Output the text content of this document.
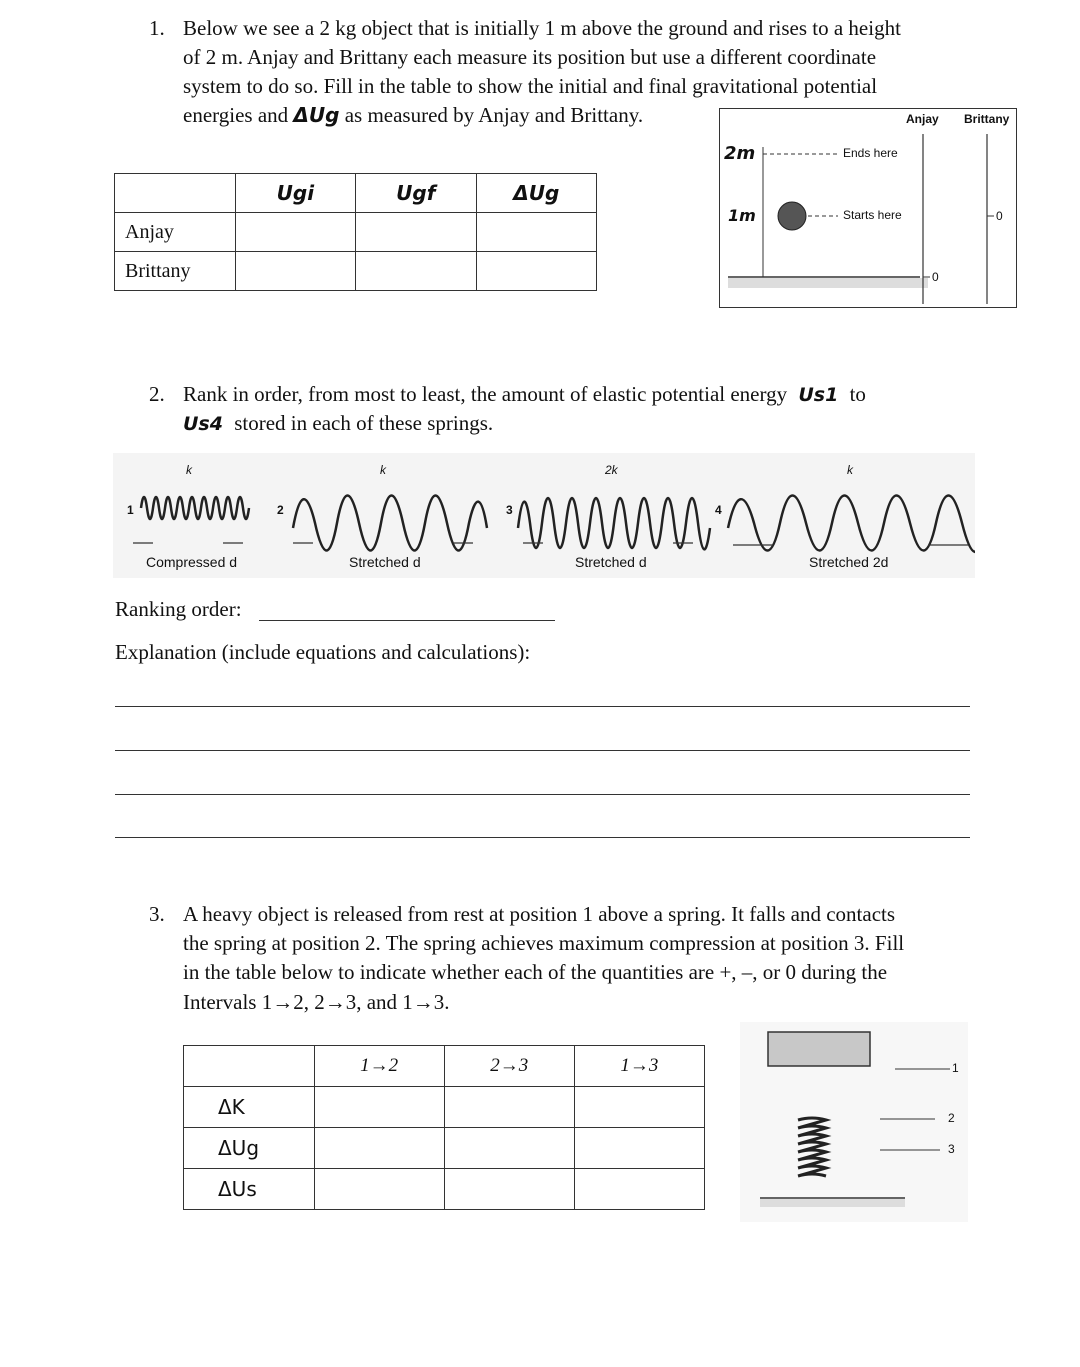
1. Below we see a 2 kg object that is initially 1 m above the ground and rises to a height
of 2 m. Anjay and Brittany each measure its position but use a different coordinate
system to do so. Fill in the table to show the initial and final gravitational potential
energies and ΔUg as measured by Anjay and Brittany.
	Ugi	Ugf	ΔUg
Anjay			
Brittany			
Anjay Brittany
2m
1m
Ends here
Starts here
0
0
2. Rank in order, from most to least, the amount of elastic potential energy Us1 to
Us4 stored in each of these springs.
1
k
Compressed d
2
k
Stretched d
3
2k
Stretched d
4
k
Stretched 2d
Ranking order:
Explanation (include equations and calculations):
3. A heavy object is released from rest at position 1 above a spring. It falls and contacts
the spring at position 2. The spring achieves maximum compression at position 3. Fill
in the table below to indicate whether each of the quantities are +, –, or 0 during the
Intervals 1→2, 2→3, and 1→3.
	1→2	2→3	1→3
ΔK			
ΔUg			
ΔUs			
1
2
3
